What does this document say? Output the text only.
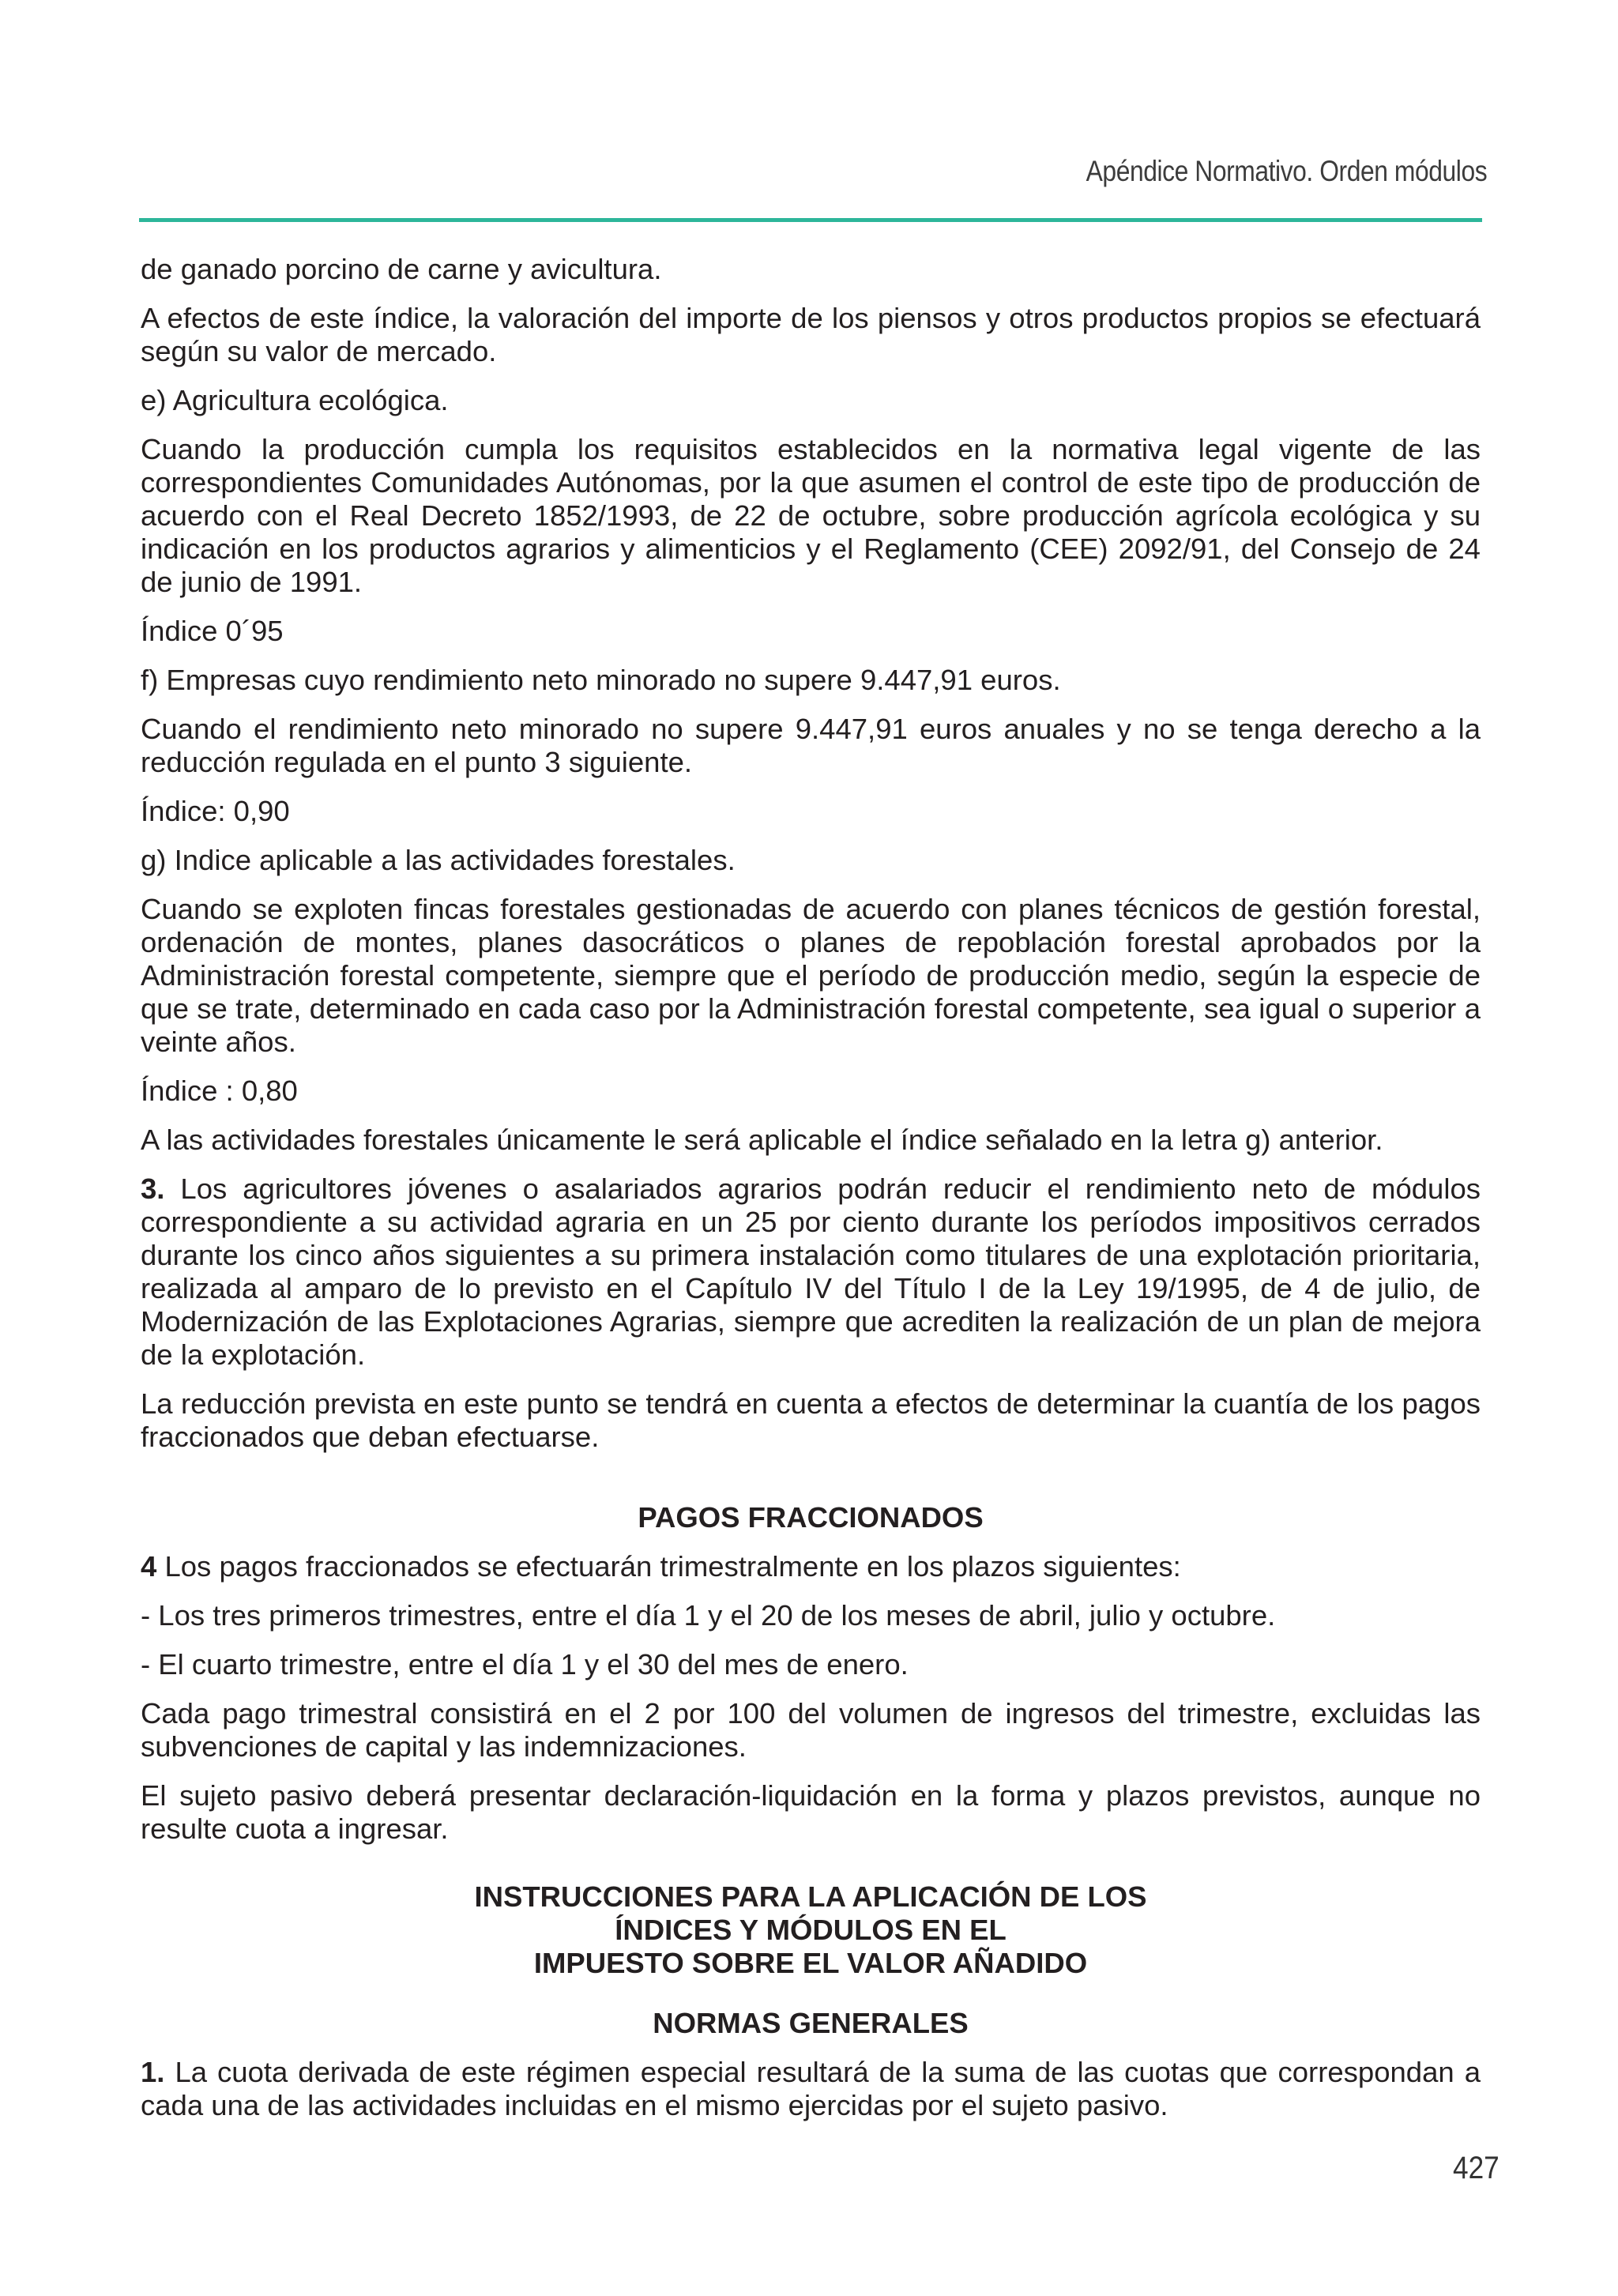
Apéndice Normativo. Orden módulos

de ganado porcino de carne y avicultura.

A efectos de este índice, la valoración del importe de los piensos y otros productos propios se efectuará según su valor de mercado.

e) Agricultura ecológica.

Cuando la producción cumpla los requisitos establecidos en la normativa legal vigente de las correspondientes Comunidades Autónomas, por la que asumen el control de este tipo de producción de acuerdo con el Real Decreto 1852/1993, de 22 de octubre, sobre producción agrícola ecológica y su indicación en los productos agrarios y alimenticios y el Reglamento (CEE) 2092/91, del Consejo de 24 de junio de 1991.

Índice 0´95

f) Empresas cuyo rendimiento neto minorado no supere 9.447,91 euros.

Cuando el rendimiento neto minorado no supere 9.447,91 euros anuales y no se tenga derecho a la reducción regulada en el punto 3 siguiente.

Índice: 0,90

g) Indice aplicable a las actividades forestales.

Cuando se exploten fincas forestales gestionadas de acuerdo con planes técnicos de gestión forestal, ordenación de montes, planes dasocráticos o planes de repoblación forestal aprobados por la Administración forestal competente, siempre que el período de producción medio, según la especie de que se trate, determinado en cada caso por la Administración forestal competente, sea igual o superior a veinte años.

Índice : 0,80

A las actividades forestales únicamente le será aplicable el índice señalado en la letra g) anterior.

3. Los agricultores jóvenes o asalariados agrarios podrán reducir el rendimiento neto de módulos correspondiente a su actividad agraria en un 25 por ciento durante los períodos impositivos cerrados durante los cinco años siguientes a su primera instalación como titulares de una explotación prioritaria, realizada al amparo de lo previsto en el Capítulo IV del Título I de la Ley 19/1995, de 4 de julio, de Modernización de las Explotaciones Agrarias, siempre que acrediten la realización de un plan de mejora de la explotación.

La reducción prevista en este punto se tendrá en cuenta a efectos de determinar la cuantía de los pagos fraccionados que deban efectuarse.

PAGOS FRACCIONADOS

4 Los pagos fraccionados se efectuarán trimestralmente en los plazos siguientes:

- Los tres primeros trimestres, entre el día 1 y el 20 de los meses de abril, julio y octubre.

- El cuarto trimestre, entre el día 1 y el 30 del mes de enero.

Cada pago trimestral consistirá en el 2 por 100 del volumen de ingresos del trimestre, excluidas las subvenciones de capital y las indemnizaciones.

El sujeto pasivo deberá presentar declaración-liquidación en la forma y plazos previstos, aunque no resulte cuota a ingresar.

INSTRUCCIONES PARA LA APLICACIÓN DE LOS
ÍNDICES Y MÓDULOS EN EL
IMPUESTO SOBRE EL VALOR AÑADIDO
NORMAS GENERALES

1. La cuota derivada de este régimen especial resultará de la suma de las cuotas que correspondan a cada una de las actividades incluidas en el mismo ejercidas por el sujeto pasivo.

427
